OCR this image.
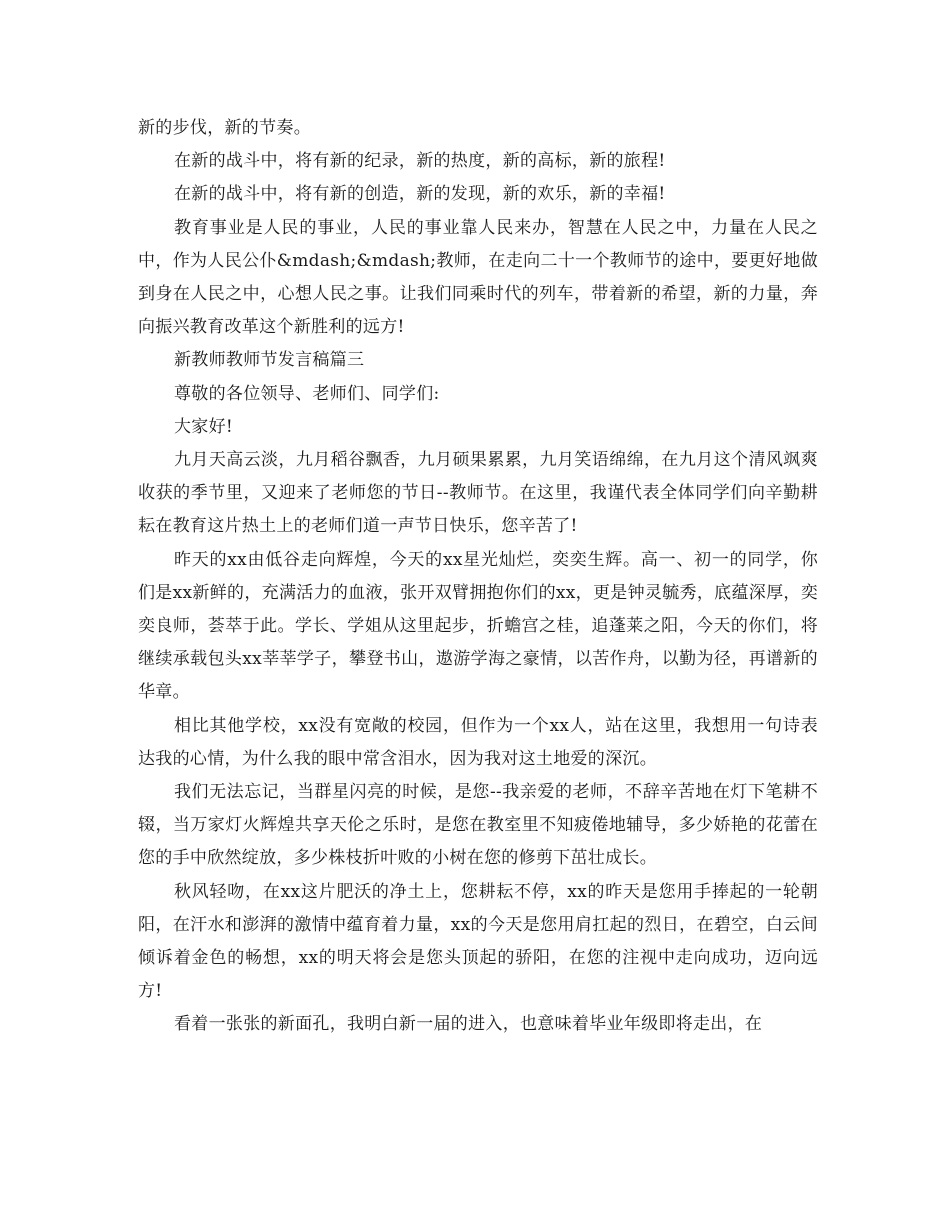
新的步伐，新的节奏。

在新的战斗中，将有新的纪录，新的热度，新的高标，新的旅程!

在新的战斗中，将有新的创造，新的发现，新的欢乐，新的幸福!

教育事业是人民的事业，人民的事业靠人民来办，智慧在人民之中，力量在人民之中，作为人民公仆&mdash;&mdash;教师，在走向二十一个教师节的途中，要更好地做到身在人民之中，心想人民之事。让我们同乘时代的列车，带着新的希望，新的力量，奔向振兴教育改革这个新胜利的远方!

新教师教师节发言稿篇三

尊敬的各位领导、老师们、同学们:

大家好!

九月天高云淡，九月稻谷飘香，九月硕果累累，九月笑语绵绵，在九月这个清风飒爽收获的季节里，又迎来了老师您的节日--教师节。在这里，我谨代表全体同学们向辛勤耕耘在教育这片热土上的老师们道一声节日快乐，您辛苦了!

昨天的xx由低谷走向辉煌，今天的xx星光灿烂，奕奕生辉。高一、初一的同学，你们是xx新鲜的，充满活力的血液，张开双臂拥抱你们的xx，更是钟灵毓秀，底蕴深厚，奕奕良师，荟萃于此。学长、学姐从这里起步，折蟾宫之桂，追蓬莱之阳，今天的你们，将继续承载包头xx莘莘学子，攀登书山，遨游学海之豪情，以苦作舟，以勤为径，再谱新的华章。

相比其他学校，xx没有宽敞的校园，但作为一个xx人，站在这里，我想用一句诗表达我的心情，为什么我的眼中常含泪水，因为我对这土地爱的深沉。

我们无法忘记，当群星闪亮的时候，是您--我亲爱的老师，不辞辛苦地在灯下笔耕不辍，当万家灯火辉煌共享天伦之乐时，是您在教室里不知疲倦地辅导，多少娇艳的花蕾在您的手中欣然绽放，多少株枝折叶败的小树在您的修剪下茁壮成长。

秋风轻吻，在xx这片肥沃的净土上，您耕耘不停，xx的昨天是您用手捧起的一轮朝阳，在汗水和澎湃的激情中蕴育着力量，xx的今天是您用肩扛起的烈日，在碧空，白云间倾诉着金色的畅想，xx的明天将会是您头顶起的骄阳，在您的注视中走向成功，迈向远方!

看着一张张的新面孔，我明白新一届的进入，也意味着毕业年级即将走出，在
